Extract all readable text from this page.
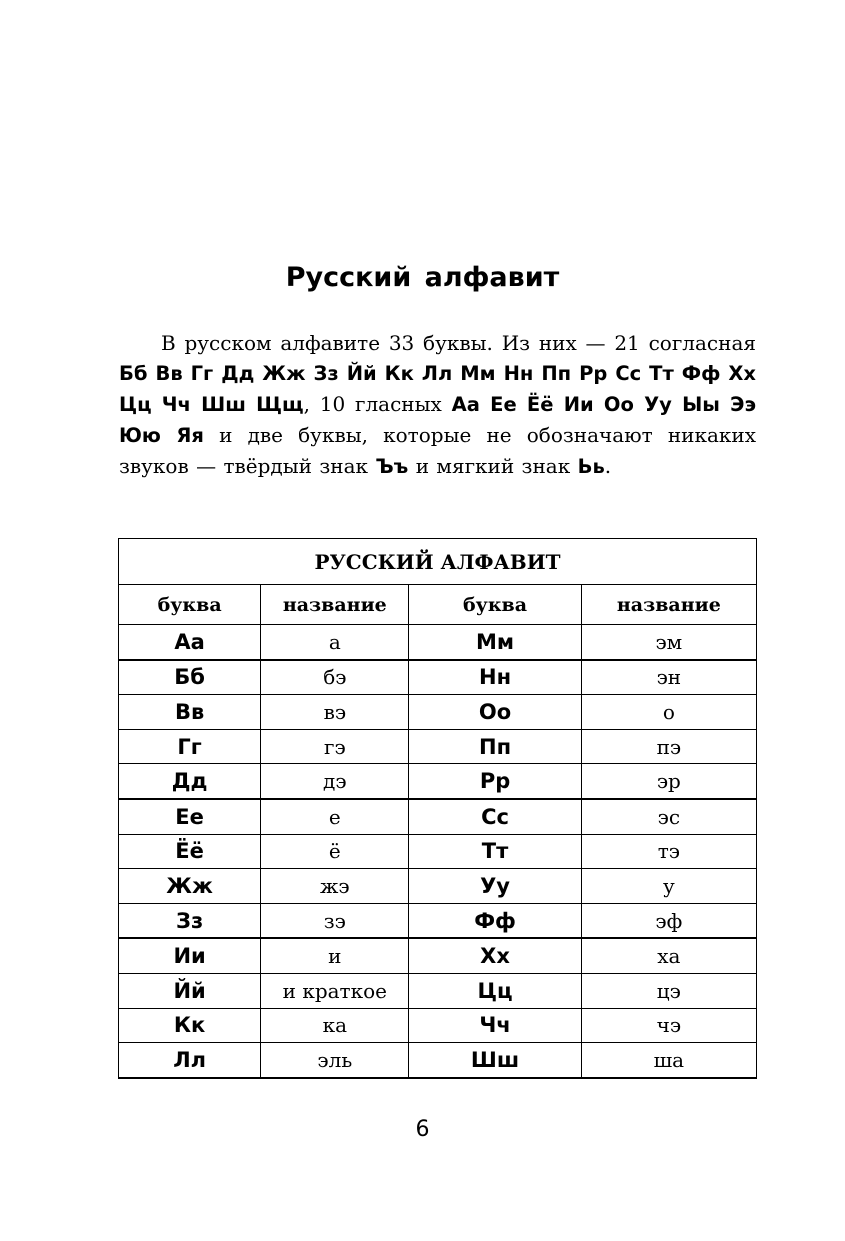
Русский алфавит

В русском алфавите 33 буквы. Из них — 21 согласная Бб Вв Гг Дд Жж Зз Йй Кк Лл Мм Нн Пп Рр Сс Тт Фф Хх Цц Чч Шш Щщ, 10 гласных Аа Ее Ёё Ии Оо Уу Ыы Ээ Юю Яя и две буквы, которые не обозначают никаких звуков — твёрдый знак Ъъ и мягкий знак Ьь.

РУССКИЙ АЛФАВИТ			
буква	название	буква	название
Аа	а	Мм	эм
Бб	бэ	Нн	эн
Вв	вэ	Оо	о
Гг	гэ	Пп	пэ
Дд	дэ	Рр	эр
Ее	е	Сс	эс
Ёё	ё	Тт	тэ
Жж	жэ	Уу	у
Зз	зэ	Фф	эф
Ии	и	Хх	ха
Йй	и краткое	Цц	цэ
Кк	ка	Чч	чэ
Лл	эль	Шш	ша

6
